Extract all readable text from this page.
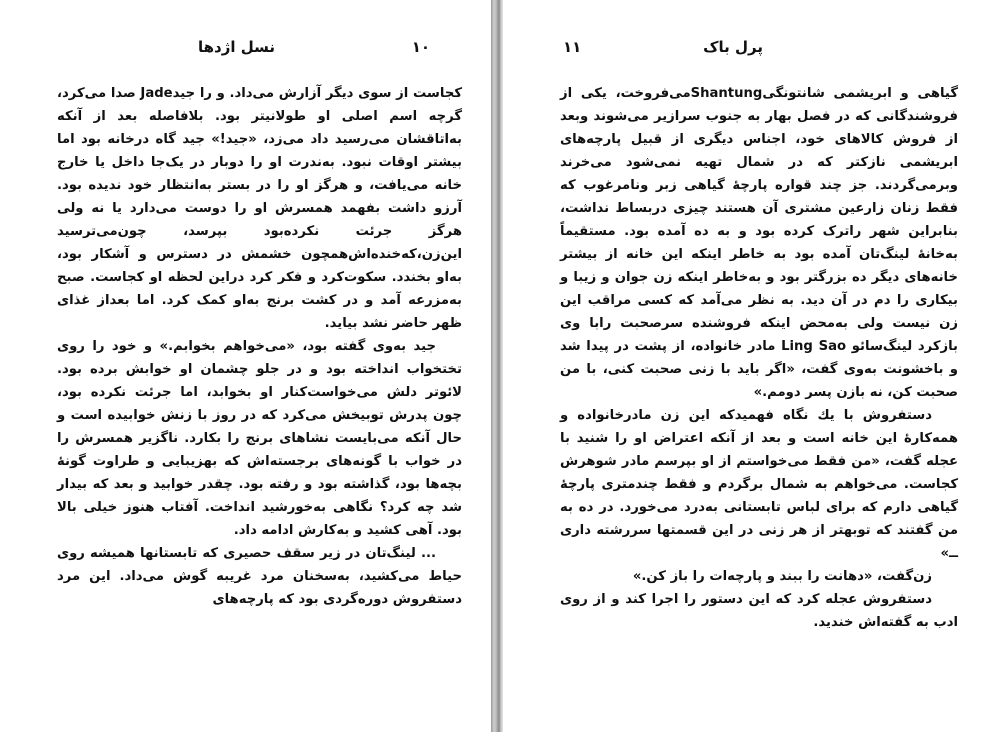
نسل اژدها	۱۰

کجاست از سوی دیگر آزارش می‌داد. و را جیدJade صدا می‌کرد، گرچه اسم اصلی او طولانیتر بود. بلافاصله بعد از آنکه به‌اتاقشان می‌رسید داد می‌زد، «جید!» جید گاه درخانه بود اما بیشتر اوقات نبود. به‌ندرت او را دوبار در یک‌جا داخل یا خارج خانه می‌یافت، و هرگز او را در بستر به‌انتظار خود ندیده بود. آرزو داشت بفهمد همسرش او را دوست می‌دارد یا نه ولی هرگز جرئت نکرده‌بود بپرسد، چون‌می‌ترسید این‌زن،که‌خنده‌اش‌همچون خشمش در دسترس و آشکار بود، به‌او بخندد. سکوت‌کرد و فکر کرد دراین لحظه او کجاست. صبح به‌مزرعه آمد و در کشت برنج به‌او کمک کرد. اما بعداز غذای ظهر حاضر نشد بیاید.

جید به‌وی گفته بود، «می‌خواهم بخوابم.» و خود را روی تختخواب انداخته بود و در جلو چشمان او خوابش برده بود. لائوتر دلش می‌خواست‌کنار او بخوابد، اما جرئت نکرده بود، چون پدرش توبیخش می‌کرد که در روز با زنش خوابیده است و حال آنکه می‌بایست نشاهای برنج را بکارد. ناگزیر همسرش را در خواب با گونه‌های برجسته‌اش که بهزیبایی و طراوت گونهٔ بچه‌ها بود، گذاشته بود و رفته بود. چقدر خوابید و بعد که بیدار شد چه کرد؟ نگاهی به‌خورشید انداخت. آفتاب هنوز خیلی بالا بود. آهی کشید و به‌کارش ادامه داد.

... لینگ‌تان در زیر سقف حصیری که تابستانها همیشه روی حیاط می‌کشید، به‌سخنان مرد غریبه گوش می‌داد. این مرد دستفروش دوره‌گردی بود که پارچه‌های

۱۱	پرل باک

گیاهی و ابریشمی شانتونگیShantungمی‌فروخت، یکی از فروشندگانی که در فصل بهار به جنوب سرازیر می‌شوند وبعد از فروش کالاهای خود، اجناس دیگری از قبیل پارچه‌های ابریشمی نازکتر که در شمال تهیه نمی‌شود می‌خرند وبرمی‌گردند. جز چند قواره پارچهٔ گیاهی زبر ونامرغوب که فقط زنان زارعین مشتری آن هستند چیزی دربساط نداشت، بنابراین شهر راترک کرده بود و به ده آمده بود. مستقیماً به‌خانهٔ لینگ‌تان آمده بود به خاطر اینکه این خانه از بیشتر خانه‌های دیگر ده بزرگتر بود و به‌خاطر اینکه زن جوان و زیبا و بیکاری را دم در آن دید. به نظر می‌آمد که کسی مراقب این زن نیست ولی به‌محض اینکه فروشنده سرصحبت رابا وی بازکرد لینگ‌سائو Ling Sao مادر خانواده، از پشت در پیدا شد و باخشونت به‌وی گفت، «اگر باید با زنی صحبت کنی، با من صحبت کن، نه بازن پسر دومم.»

دستفروش با یك نگاه فهمیدکه این زن مادرخانواده و همه‌کارهٔ این خانه است و بعد از آنکه اعتراض او را شنید با عجله گفت، «من فقط می‌خواستم از او بپرسم مادر شوهرش کجاست. می‌خواهم به شمال برگردم و فقط چندمتری پارچهٔ گیاهی دارم که برای لباس تابستانی به‌درد می‌خورد. در ده به من گفتند که توبهتر از هر زنی در این قسمتها سررشته داری ــ»

زن‌گفت، «دهانت را ببند و پارچه‌ات را باز کن.»

دستفروش عجله کرد که این دستور را اجرا کند و از روی ادب به گفته‌اش خندید.
